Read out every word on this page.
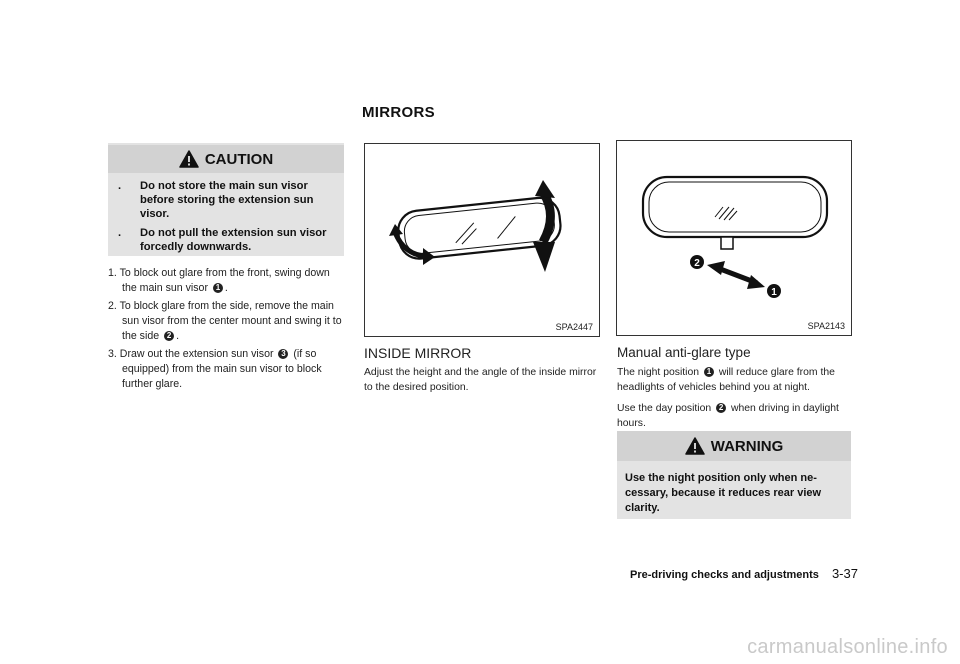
MIRRORS
CAUTION
. Do not store the main sun visor before storing the extension sun visor.
. Do not pull the extension sun visor forcedly downwards.
1. To block out glare from the front, swing down the main sun visor 1 .
2. To block glare from the side, remove the main sun visor from the center mount and swing it to the side 2 .
3. Draw out the extension sun visor 3 (if so equipped) from the main sun visor to block further glare.
SPA2447
2
1
SPA2143
INSIDE MIRROR
Adjust the height and the angle of the inside mirror to the desired position.
Manual anti-glare type

The night position 1 will reduce glare from the headlights of vehicles behind you at night.

Use the day position 2 when driving in daylight hours.

WARNING
Use the night position only when ne-cessary, because it reduces rear view clarity.
Pre-driving checks and adjustments 3-37
carmanualsonline.info
